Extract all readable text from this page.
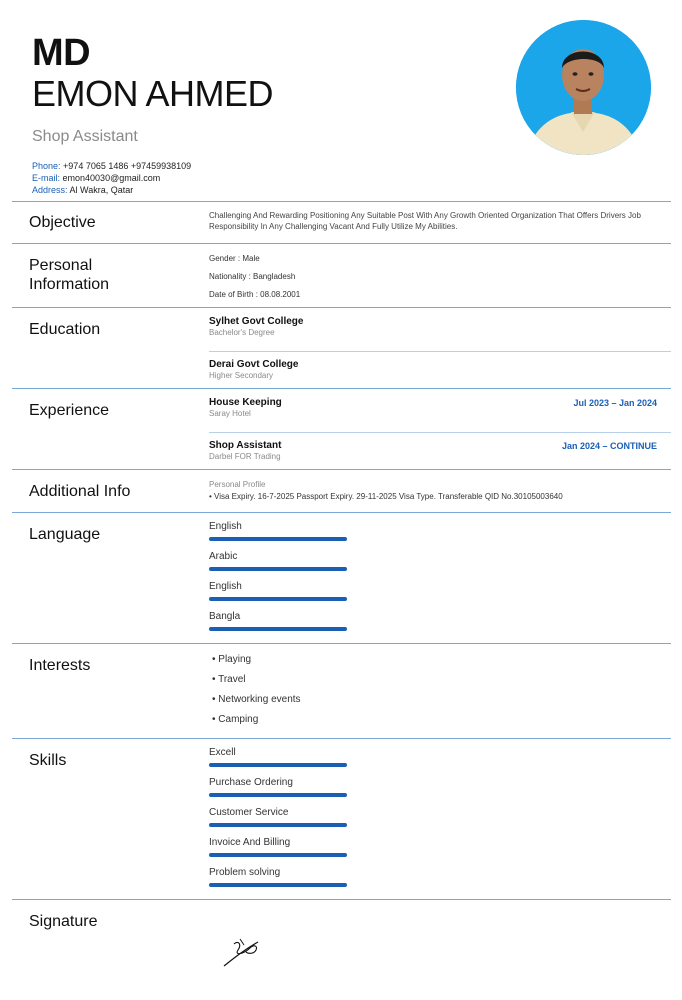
MD
EMON AHMED
Shop Assistant
Phone: +974 7065 1486 +97459938109
E-mail: emon40030@gmail.com
Address: Al Wakra, Qatar
Objective	Challenging And Rewarding Positioning Any Suitable Post With Any Growth Oriented Organization That Offers Drivers Job Responsibility In Any Challenging Vacant And Fully Utilize My Abilities.
Personal
Information
Gender : Male
Nationality : Bangladesh
Date of Birth : 08.08.2001
Education	Sylhet Govt College
Bachelor's Degree
Derai Govt College
Higher Secondary
Experience	House Keeping
Saray Hotel
Jul 2023 – Jan 2024
Shop Assistant
Darbel FOR Trading
Jan 2024 – CONTINUE
Additional Info	Personal Profile
• Visa Expiry. 16-7-2025 Passport Expiry. 29-11-2025 Visa Type. Transferable QID No.30105003640
Language	English
Arabic
English
Bangla
Interests	• Playing
• Travel
• Networking events
• Camping
Skills	Excell
Purchase Ordering
Customer Service
Invoice And Billing
Problem solving
Signature
